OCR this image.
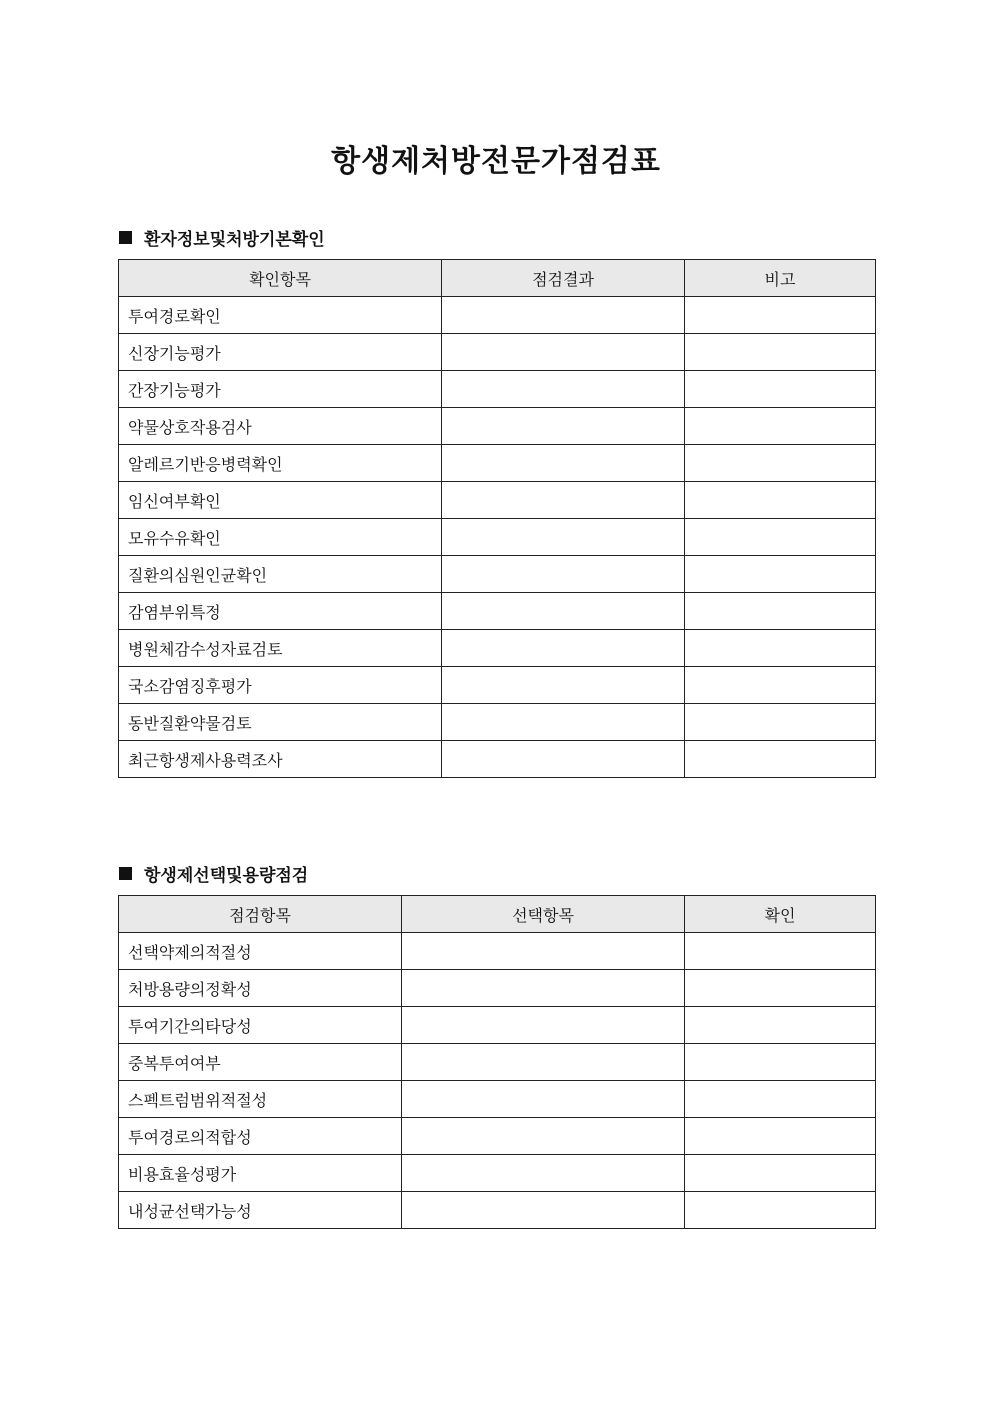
항생제처방전문가점검표
환자정보및처방기본확인
확인항목	점검결과	비고
투여경로확인		
신장기능평가		
간장기능평가		
약물상호작용검사		
알레르기반응병력확인		
임신여부확인		
모유수유확인		
질환의심원인균확인		
감염부위특정		
병원체감수성자료검토		
국소감염징후평가		
동반질환약물검토		
최근항생제사용력조사		
항생제선택및용량점검
점검항목	선택항목	확인
선택약제의적절성		
처방용량의정확성		
투여기간의타당성		
중복투여여부		
스펙트럼범위적절성		
투여경로의적합성		
비용효율성평가		
내성균선택가능성		
